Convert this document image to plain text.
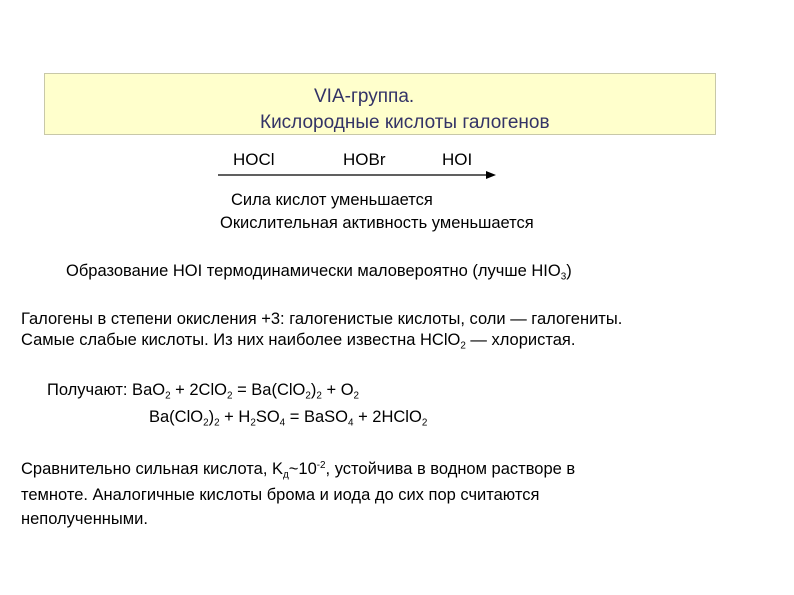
VIA-группа.
Кислородные кислоты галогенов
HOCl	HOBr	HOI
Сила кислот уменьшается
Окислительная активность уменьшается
Образование HOI термодинамически маловероятно (лучше $HIO_3$)
Галогены в степени окисления +3: галогенистые кислоты, соли — галогениты.
Самые слабые кислоты. Из них наиболее известна HClO$_2$ — хлористая.
Получают: $BaO_2 + 2ClO_2 = Ba(ClO_2)_2 + O_2$
$Ba(ClO_2)_2 + H_2SO_4$ = BaSO$_4$ + 2HClO$_2$
Сравнительно сильная кислота, $K_д\sim 10^{-2}$, устойчива в водном растворе в
темноте. Аналогичные кислоты брома и иода до сих пор считаются
неполученными.
